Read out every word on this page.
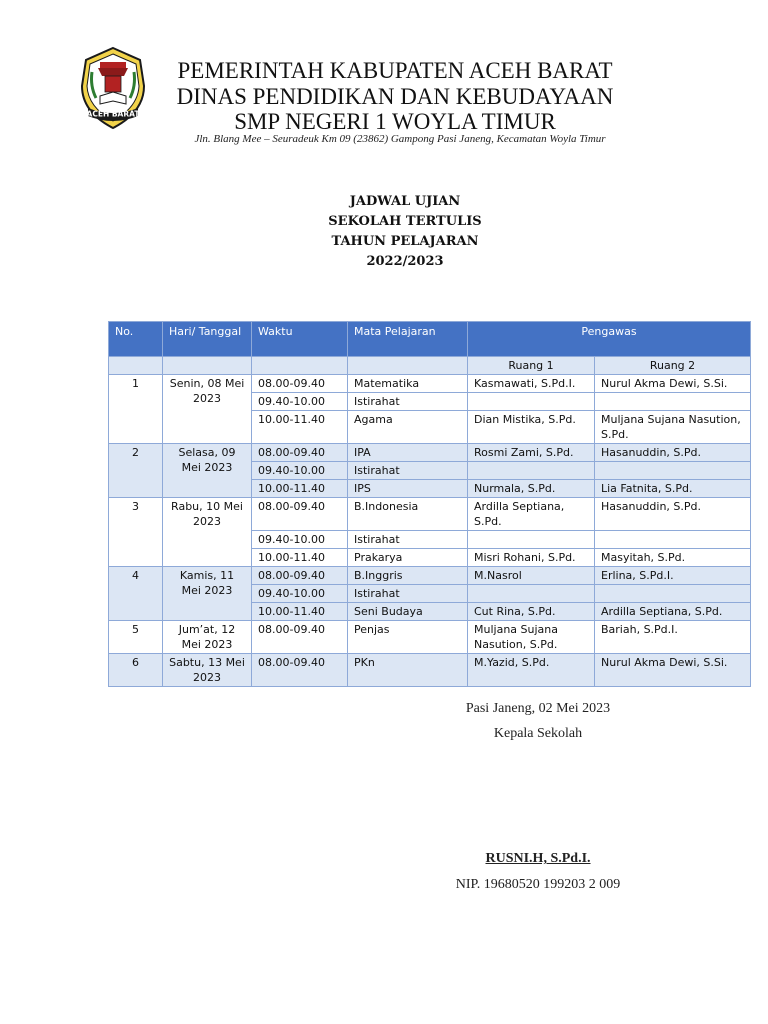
ACEH BARAT
PEMERINTAH KABUPATEN ACEH BARAT
DINAS PENDIDIKAN DAN KEBUDAYAAN
SMP NEGERI 1 WOYLA TIMUR
Jln. Blang Mee – Seuradeuk Km 09 (23862) Gampong Pasi Janeng, Kecamatan Woyla Timur
JADWAL UJIAN
SEKOLAH TERTULIS
TAHUN PELAJARAN
2022/2023
No.	Hari/ Tanggal	Waktu	Mata Pelajaran	Pengawas	
				Ruang 1	Ruang 2
1	Senin, 08 Mei 2023	08.00-09.40	Matematika	Kasmawati, S.Pd.I.	Nurul Akma Dewi, S.Si.
		09.40-10.00	Istirahat		
		10.00-11.40	Agama	Dian Mistika, S.Pd.	Muljana Sujana Nasution, S.Pd.
2	Selasa, 09 Mei 2023	08.00-09.40	IPA	Rosmi Zami, S.Pd.	Hasanuddin, S.Pd.
		09.40-10.00	Istirahat		
		10.00-11.40	IPS	Nurmala, S.Pd.	Lia Fatnita, S.Pd.
3	Rabu, 10 Mei 2023	08.00-09.40	B.Indonesia	Ardilla Septiana, S.Pd.	Hasanuddin, S.Pd.
		09.40-10.00	Istirahat		
		10.00-11.40	Prakarya	Misri Rohani, S.Pd.	Masyitah, S.Pd.
4	Kamis, 11 Mei 2023	08.00-09.40	B.Inggris	M.Nasrol	Erlina, S.Pd.I.
		09.40-10.00	Istirahat		
		10.00-11.40	Seni Budaya	Cut Rina, S.Pd.	Ardilla Septiana, S.Pd.
5	Jum’at, 12 Mei 2023	08.00-09.40	Penjas	Muljana Sujana Nasution, S.Pd.	Bariah, S.Pd.I.
6	Sabtu, 13 Mei 2023	08.00-09.40	PKn	M.Yazid, S.Pd.	Nurul Akma Dewi, S.Si.
Pasi Janeng, 02 Mei 2023
Kepala Sekolah
RUSNI.H, S.Pd.I.
NIP. 19680520 199203 2 009
